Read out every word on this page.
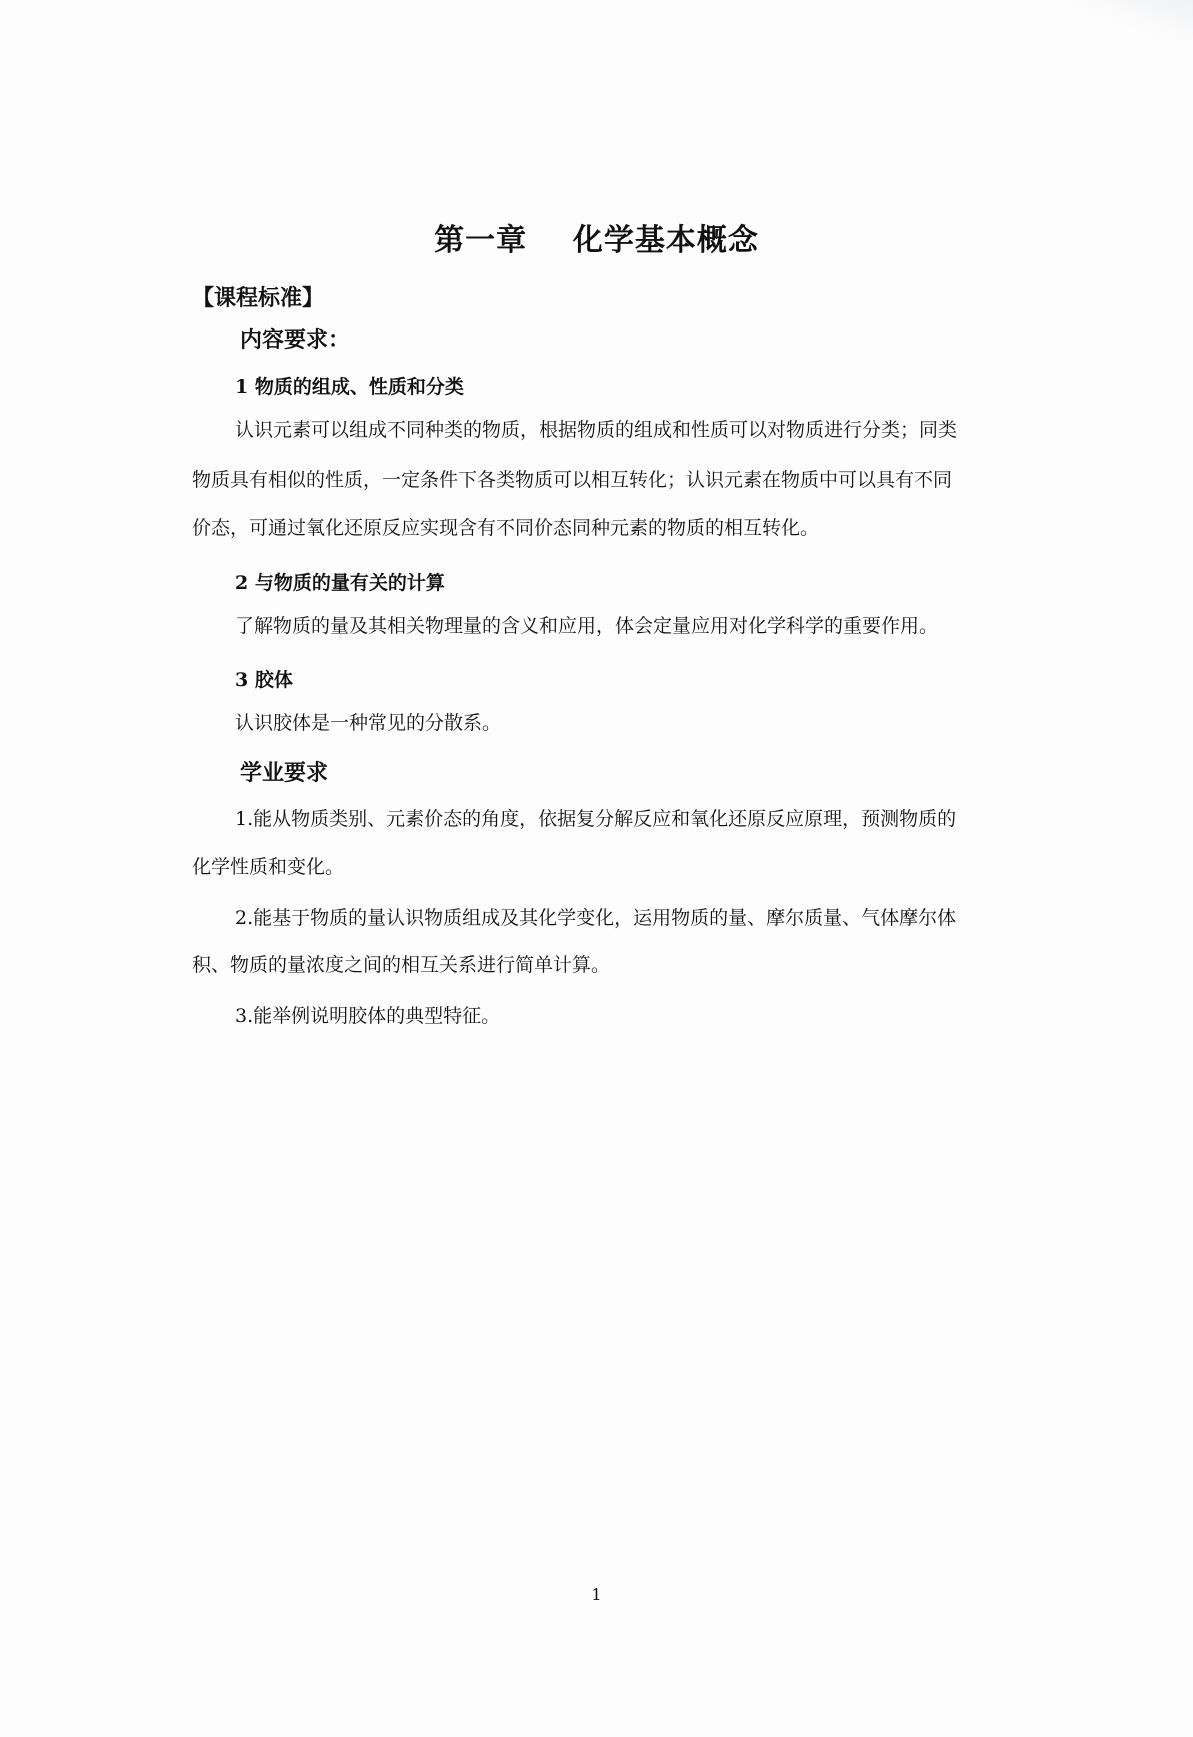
第一章    化学基本概念
【课程标准】
内容要求：
1 物质的组成、性质和分类
认识元素可以组成不同种类的物质，根据物质的组成和性质可以对物质进行分类；同类
物质具有相似的性质，一定条件下各类物质可以相互转化；认识元素在物质中可以具有不同
价态，可通过氧化还原反应实现含有不同价态同种元素的物质的相互转化。
2 与物质的量有关的计算
了解物质的量及其相关物理量的含义和应用，体会定量应用对化学科学的重要作用。
3 胶体
认识胶体是一种常见的分散系。
学业要求
1.能从物质类别、元素价态的角度，依据复分解反应和氧化还原反应原理，预测物质的
化学性质和变化。
2.能基于物质的量认识物质组成及其化学变化，运用物质的量、摩尔质量、气体摩尔体
积、物质的量浓度之间的相互关系进行简单计算。
3.能举例说明胶体的典型特征。
1
